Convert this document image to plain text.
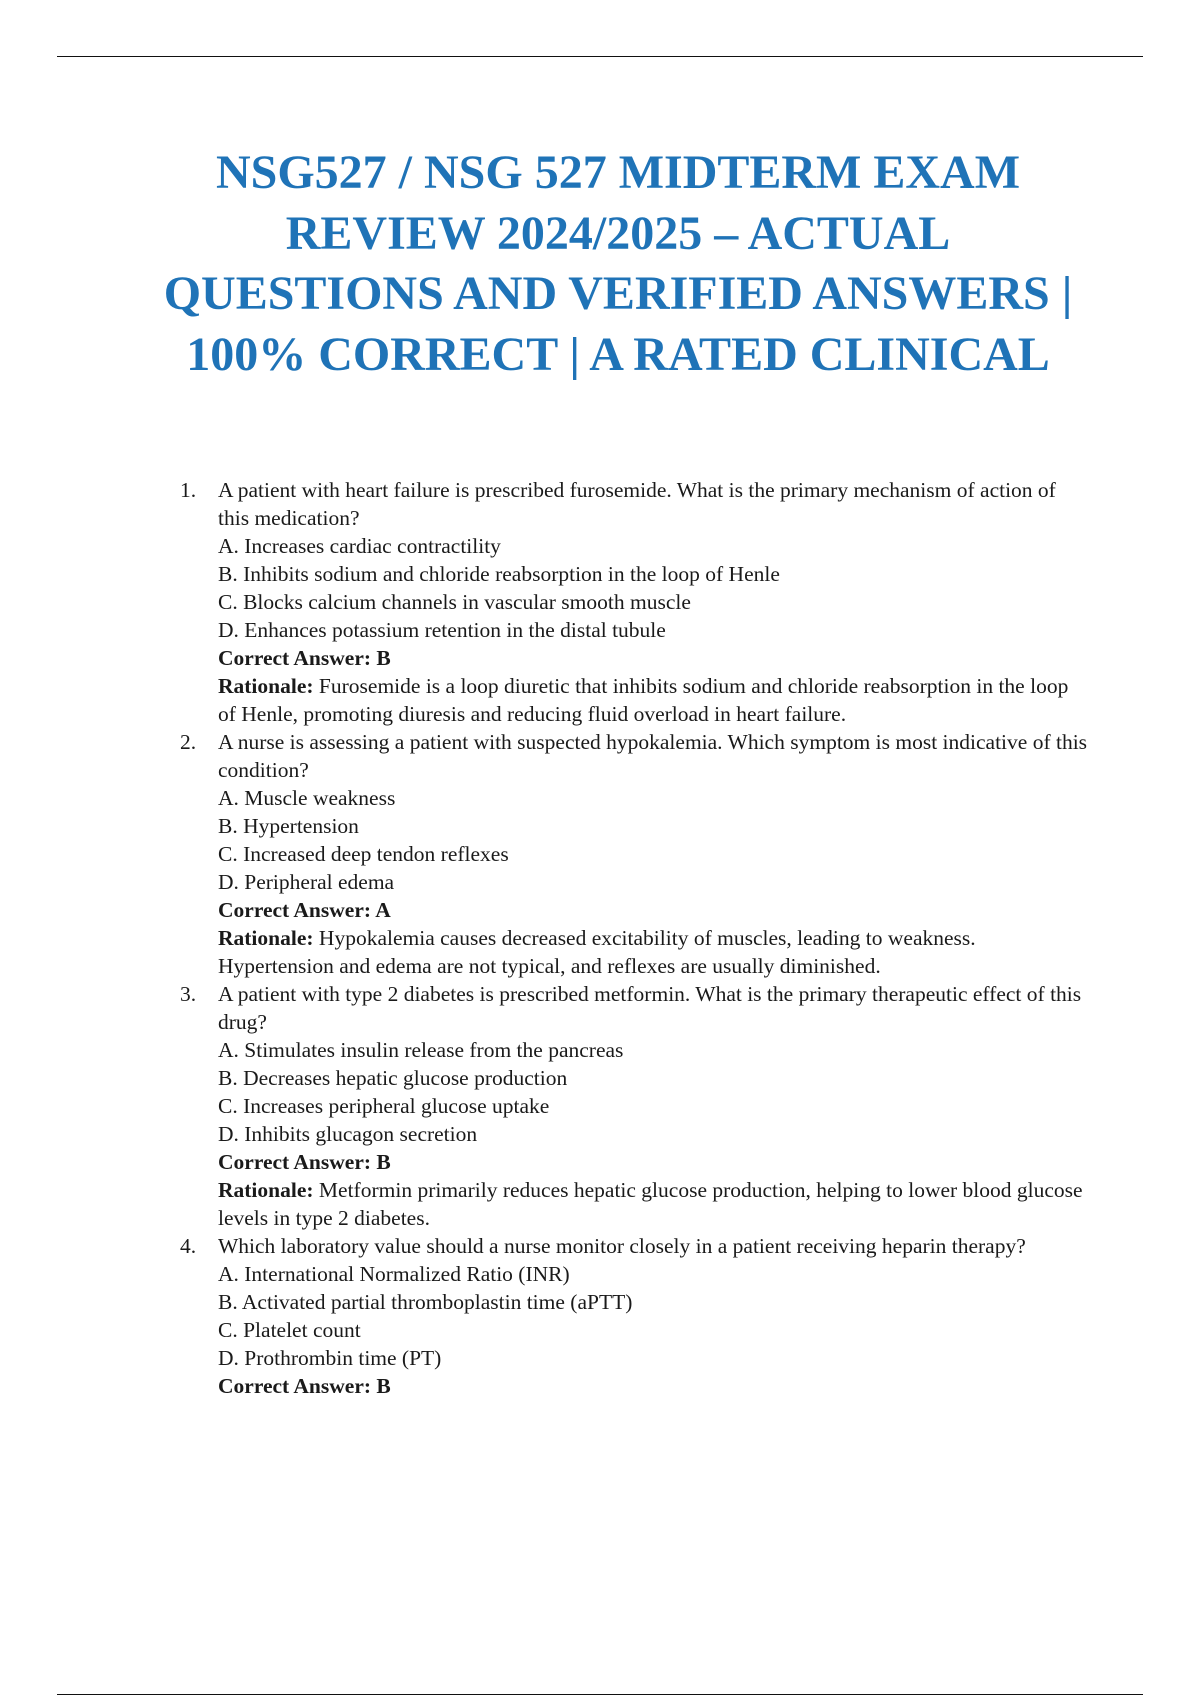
NSG527 / NSG 527 MIDTERM EXAM REVIEW 2024/2025 – ACTUAL QUESTIONS AND VERIFIED ANSWERS | 100% CORRECT | A RATED CLINICAL
1. A patient with heart failure is prescribed furosemide. What is the primary mechanism of action of this medication?
A. Increases cardiac contractility
B. Inhibits sodium and chloride reabsorption in the loop of Henle
C. Blocks calcium channels in vascular smooth muscle
D. Enhances potassium retention in the distal tubule
Correct Answer: B
Rationale: Furosemide is a loop diuretic that inhibits sodium and chloride reabsorption in the loop of Henle, promoting diuresis and reducing fluid overload in heart failure.
2. A nurse is assessing a patient with suspected hypokalemia. Which symptom is most indicative of this condition?
A. Muscle weakness
B. Hypertension
C. Increased deep tendon reflexes
D. Peripheral edema
Correct Answer: A
Rationale: Hypokalemia causes decreased excitability of muscles, leading to weakness. Hypertension and edema are not typical, and reflexes are usually diminished.
3. A patient with type 2 diabetes is prescribed metformin. What is the primary therapeutic effect of this drug?
A. Stimulates insulin release from the pancreas
B. Decreases hepatic glucose production
C. Increases peripheral glucose uptake
D. Inhibits glucagon secretion
Correct Answer: B
Rationale: Metformin primarily reduces hepatic glucose production, helping to lower blood glucose levels in type 2 diabetes.
4. Which laboratory value should a nurse monitor closely in a patient receiving heparin therapy?
A. International Normalized Ratio (INR)
B. Activated partial thromboplastin time (aPTT)
C. Platelet count
D. Prothrombin time (PT)
Correct Answer: B
